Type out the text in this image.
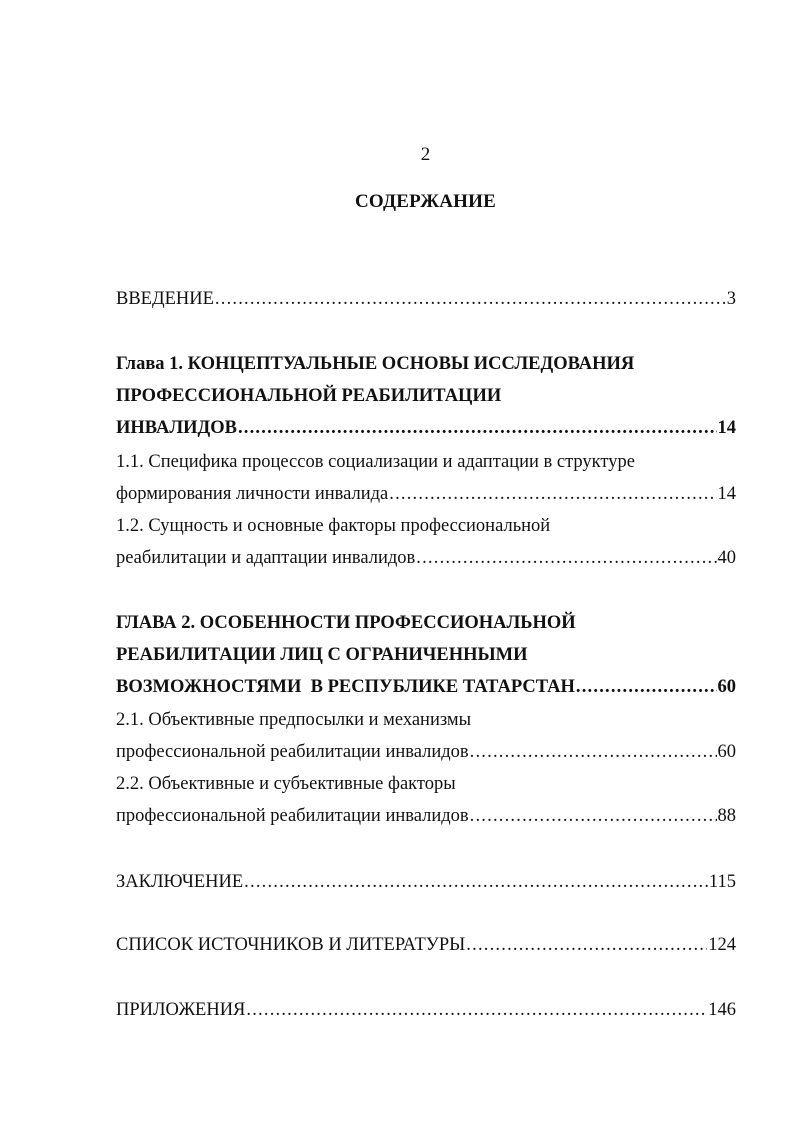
2
СОДЕРЖАНИЕ
ВВЕДЕНИЕ .....	3
Глава 1. КОНЦЕПТУАЛЬНЫЕ ОСНОВЫ ИССЛЕДОВАНИЯ
ПРОФЕССИОНАЛЬНОЙ РЕАБИЛИТАЦИИ
ИНВАЛИДОВ .....	14
1.1. Специфика процессов социализации и адаптации в структуре
формирования личности инвалида .....	14
1.2. Сущность и основные факторы профессиональной
реабилитации и адаптации инвалидов .....	40
ГЛАВА 2. ОСОБЕННОСТИ ПРОФЕССИОНАЛЬНОЙ
РЕАБИЛИТАЦИИ ЛИЦ С ОГРАНИЧЕННЫМИ
ВОЗМОЖНОСТЯМИ  В РЕСПУБЛИКЕ ТАТАРСТАН .....	60
2.1. Объективные предпосылки и механизмы
профессиональной реабилитации инвалидов .....	60
2.2. Объективные и субъективные факторы
профессиональной реабилитации инвалидов .....	88
ЗАКЛЮЧЕНИЕ .....	115
СПИСОК ИСТОЧНИКОВ И ЛИТЕРАТУРЫ .....	124
ПРИЛОЖЕНИЯ .....	146
